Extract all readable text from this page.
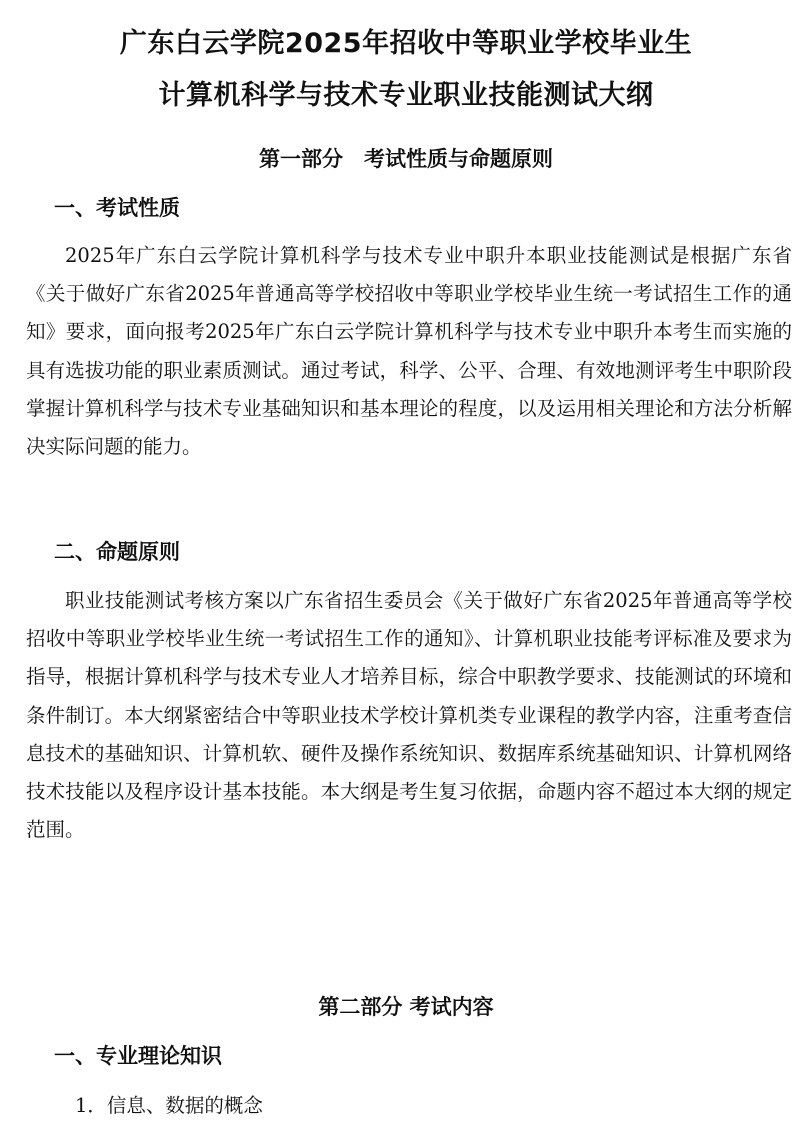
广东白云学院2025年招收中等职业学校毕业生
计算机科学与技术专业职业技能测试大纲
第一部分　考试性质与命题原则
一、考试性质

2025年广东白云学院计算机科学与技术专业中职升本职业技能测试是根据广东省《关于做好广东省2025年普通高等学校招收中等职业学校毕业生统一考试招生工作的通知》要求，面向报考2025年广东白云学院计算机科学与技术专业中职升本考生而实施的具有选拔功能的职业素质测试。通过考试，科学、公平、合理、有效地测评考生中职阶段掌握计算机科学与技术专业基础知识和基本理论的程度，以及运用相关理论和方法分析解决实际问题的能力。

二、命题原则

职业技能测试考核方案以广东省招生委员会《关于做好广东省2025年普通高等学校招收中等职业学校毕业生统一考试招生工作的通知》、计算机职业技能考评标准及要求为指导，根据计算机科学与技术专业人才培养目标，综合中职教学要求、技能测试的环境和条件制订。本大纲紧密结合中等职业技术学校计算机类专业课程的教学内容，注重考查信息技术的基础知识、计算机软、硬件及操作系统知识、数据库系统基础知识、计算机网络技术技能以及程序设计基本技能。本大纲是考生复习依据，命题内容不超过本大纲的规定范围。

第二部分 考试内容
一、专业理论知识
1．信息、数据的概念
